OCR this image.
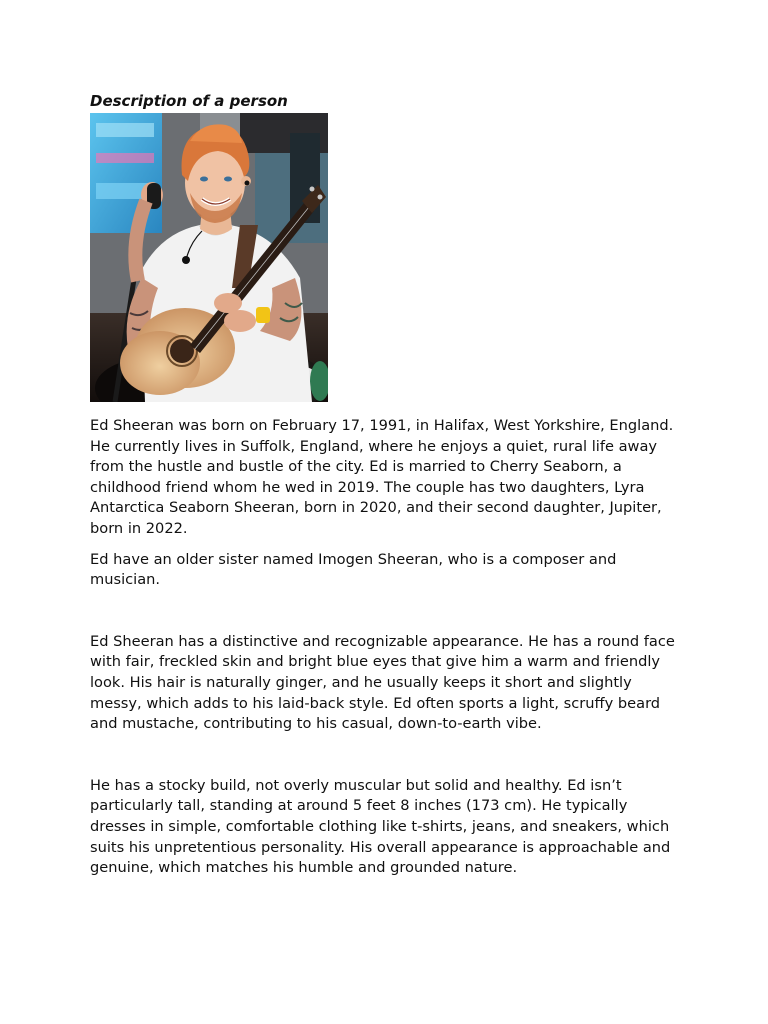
Description of a person

Ed Sheeran was born on February 17, 1991, in Halifax, West Yorkshire, England. He currently lives in Suffolk, England, where he enjoys a quiet, rural life away from the hustle and bustle of the city. Ed is married to Cherry Seaborn, a childhood friend whom he wed in 2019. The couple has two daughters, Lyra Antarctica Seaborn Sheeran, born in 2020, and their second daughter, Jupiter, born in 2022.

Ed have an older sister named Imogen Sheeran, who is a composer and musician.

Ed Sheeran has a distinctive and recognizable appearance. He has a round face with fair, freckled skin and bright blue eyes that give him a warm and friendly look. His hair is naturally ginger, and he usually keeps it short and slightly messy, which adds to his laid-back style. Ed often sports a light, scruffy beard and mustache, contributing to his casual, down-to-earth vibe.

He has a stocky build, not overly muscular but solid and healthy. Ed isn’t particularly tall, standing at around 5 feet 8 inches (173 cm). He typically dresses in simple, comfortable clothing like t-shirts, jeans, and sneakers, which suits his unpretentious personality. His overall appearance is approachable and genuine, which matches his humble and grounded nature.
